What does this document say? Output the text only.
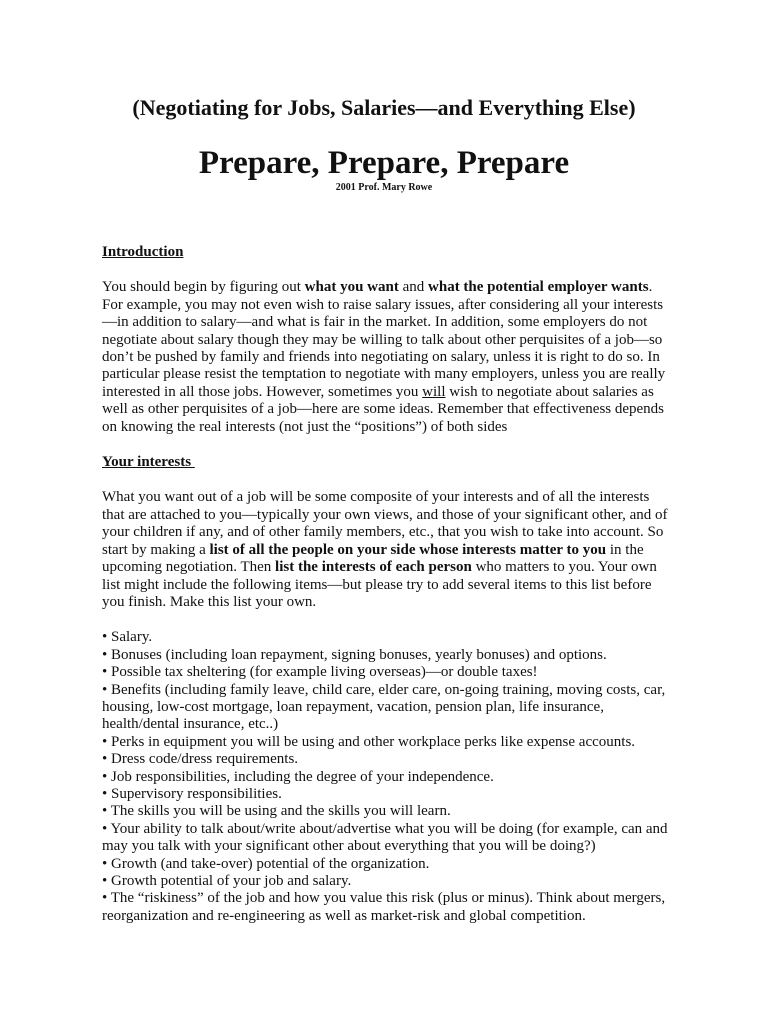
(Negotiating for Jobs, Salaries—and Everything Else)
Prepare, Prepare, Prepare
2001 Prof. Mary Rowe

Introduction

You should begin by figuring out what you want and what the potential employer wants. For example, you may not even wish to raise salary issues, after considering all your interests—in addition to salary—and what is fair in the market. In addition, some employers do not negotiate about salary though they may be willing to talk about other perquisites of a job—so don’t be pushed by family and friends into negotiating on salary, unless it is right to do so. In particular please resist the temptation to negotiate with many employers, unless you are really interested in all those jobs. However, sometimes you will wish to negotiate about salaries as well as other perquisites of a job—here are some ideas. Remember that effectiveness depends on knowing the real interests (not just the “positions”) of both sides

Your interests

What you want out of a job will be some composite of your interests and of all the interests that are attached to you—typically your own views, and those of your significant other, and of your children if any, and of other family members, etc., that you wish to take into account. So start by making a list of all the people on your side whose interests matter to you in the upcoming negotiation. Then list the interests of each person who matters to you. Your own list might include the following items—but please try to add several items to this list before you finish. Make this list your own.

• Salary.
• Bonuses (including loan repayment, signing bonuses, yearly bonuses) and options.
• Possible tax sheltering (for example living overseas)—or double taxes!
• Benefits (including family leave, child care, elder care, on-going training, moving costs, car, housing, low-cost mortgage, loan repayment, vacation, pension plan, life insurance, health/dental insurance, etc..)
• Perks in equipment you will be using and other workplace perks like expense accounts.
• Dress code/dress requirements.
• Job responsibilities, including the degree of your independence.
• Supervisory responsibilities.
• The skills you will be using and the skills you will learn.
• Your ability to talk about/write about/advertise what you will be doing (for example, can and may you talk with your significant other about everything that you will be doing?)
• Growth (and take-over) potential of the organization.
• Growth potential of your job and salary.
• The “riskiness” of the job and how you value this risk (plus or minus). Think about mergers, reorganization and re-engineering as well as market-risk and global competition.
